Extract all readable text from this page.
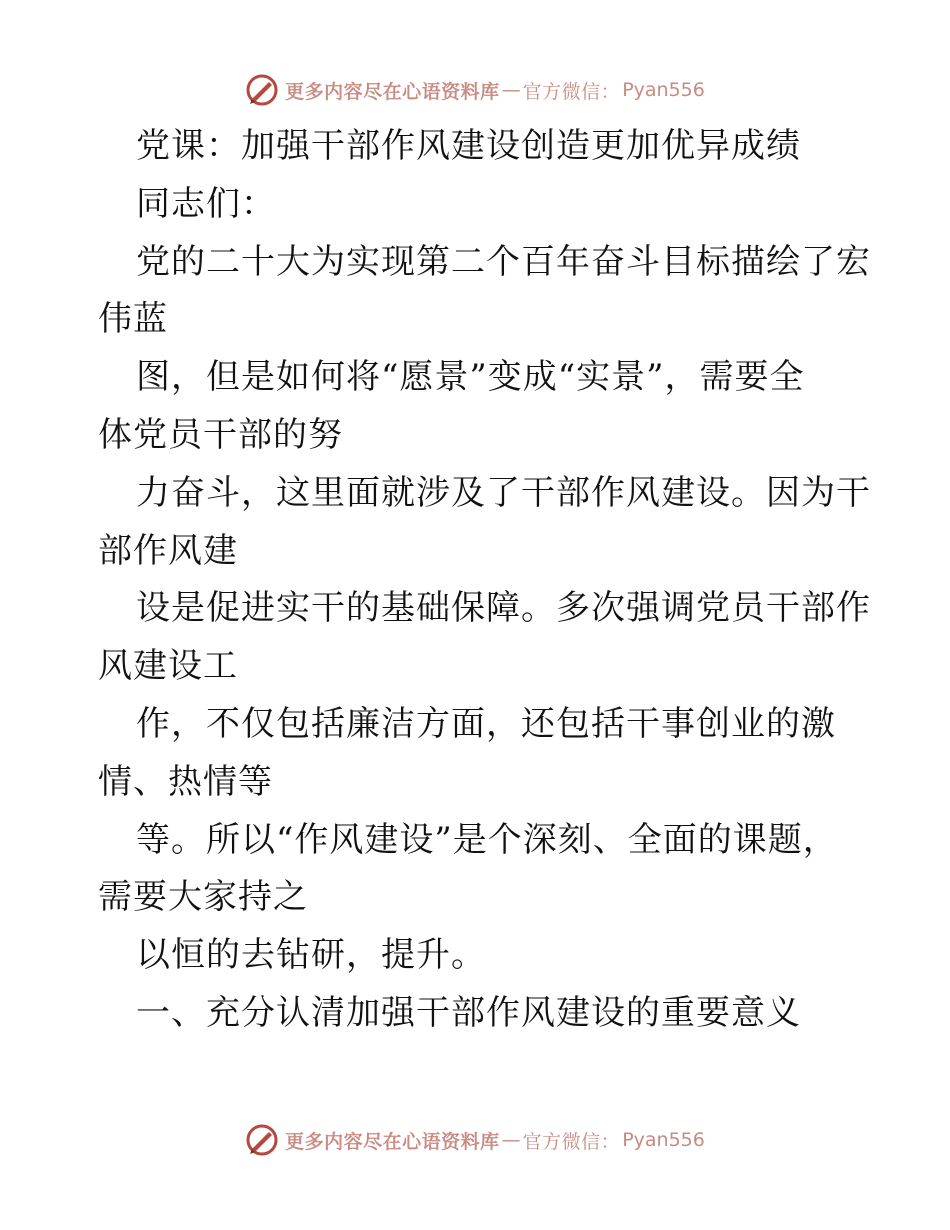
更多内容尽在心语资料库 — 官方微信： Pyan556
党课：加强干部作风建设创造更加优异成绩
同志们：
党的二十大为实现第二个百年奋斗目标描绘了宏
伟蓝
图，但是如何将“愿景”变成“实景”，需要全
体党员干部的努
力奋斗，这里面就涉及了干部作风建设。因为干
部作风建
设是促进实干的基础保障。多次强调党员干部作
风建设工
作，不仅包括廉洁方面，还包括干事创业的激
情、热情等
等。所以“作风建设”是个深刻、全面的课题，
需要大家持之
以恒的去钻研，提升。
一、充分认清加强干部作风建设的重要意义
更多内容尽在心语资料库 — 官方微信： Pyan556
